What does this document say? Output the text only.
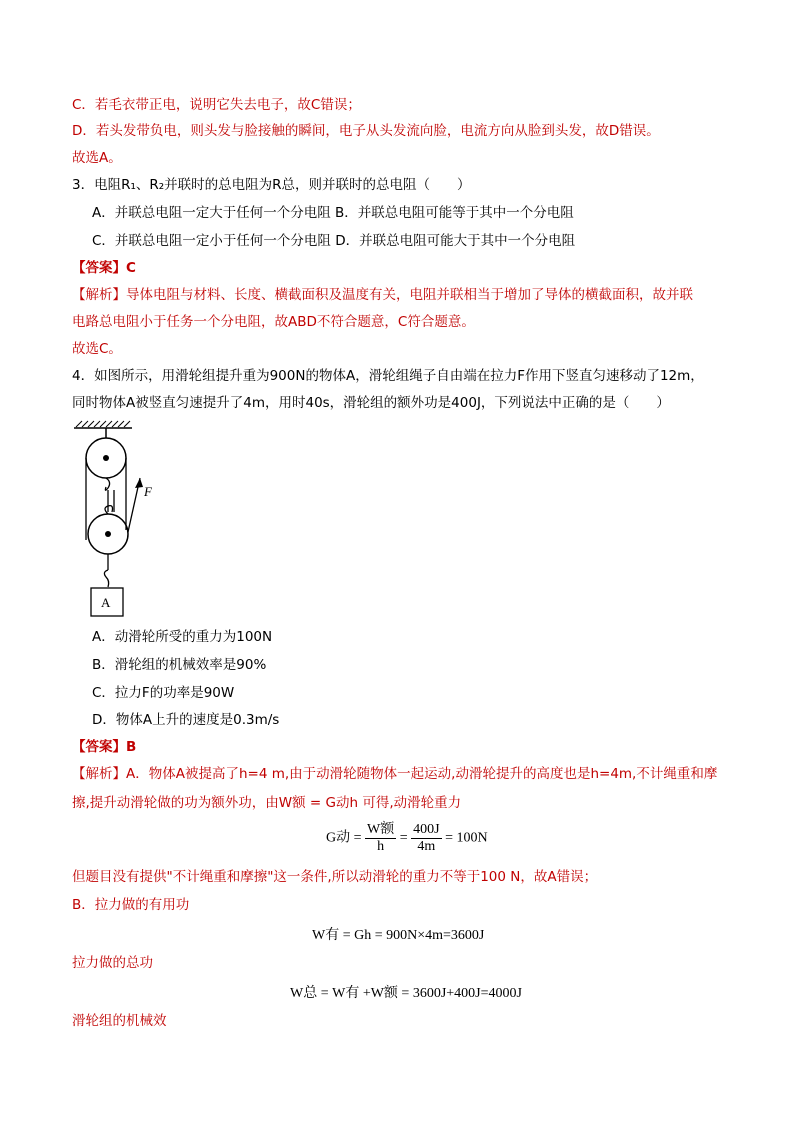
C．若毛衣带正电，说明它失去电子，故C错误；
D．若头发带负电，则头发与脸接触的瞬间，电子从头发流向脸，电流方向从脸到头发，故D错误。
故选A。
3．电阻R₁、R₂并联时的总电阻为R总，则并联时的总电阻（　　）
A．并联总电阻一定大于任何一个分电阻 B．并联总电阻可能等于其中一个分电阻
C．并联总电阻一定小于任何一个分电阻 D．并联总电阻可能大于其中一个分电阻
【答案】C
【解析】导体电阻与材料、长度、横截面积及温度有关，电阻并联相当于增加了导体的横截面积，故并联
电路总电阻小于任务一个分电阻，故ABD不符合题意，C符合题意。
故选C。
4．如图所示，用滑轮组提升重为900N的物体A，滑轮组绳子自由端在拉力F作用下竖直匀速移动了12m，
同时物体A被竖直匀速提升了4m，用时40s，滑轮组的额外功是400J，下列说法中正确的是（　　）
F
A
A．动滑轮所受的重力为100N
B．滑轮组的机械效率是90%
C．拉力F的功率是90W
D．物体A上升的速度是0.3m/s
【答案】B
【解析】A．物体A被提高了h=4 m,由于动滑轮随物体一起运动,动滑轮提升的高度也是h=4m,不计绳重和摩
擦,提升动滑轮做的功为额外功，由W额 = G动h 可得,动滑轮重力
G动 = $\frac{\text{W额}}{h} = \frac{400J}{4m} = 100N$
但题目没有提供"不计绳重和摩擦"这一条件,所以动滑轮的重力不等于100 N，故A错误；
B．拉力做的有用功
W有 = Gh = 900N×4m=3600J
拉力做的总功
W总 = W有 +W额 = 3600J+400J=4000J
滑轮组的机械效
